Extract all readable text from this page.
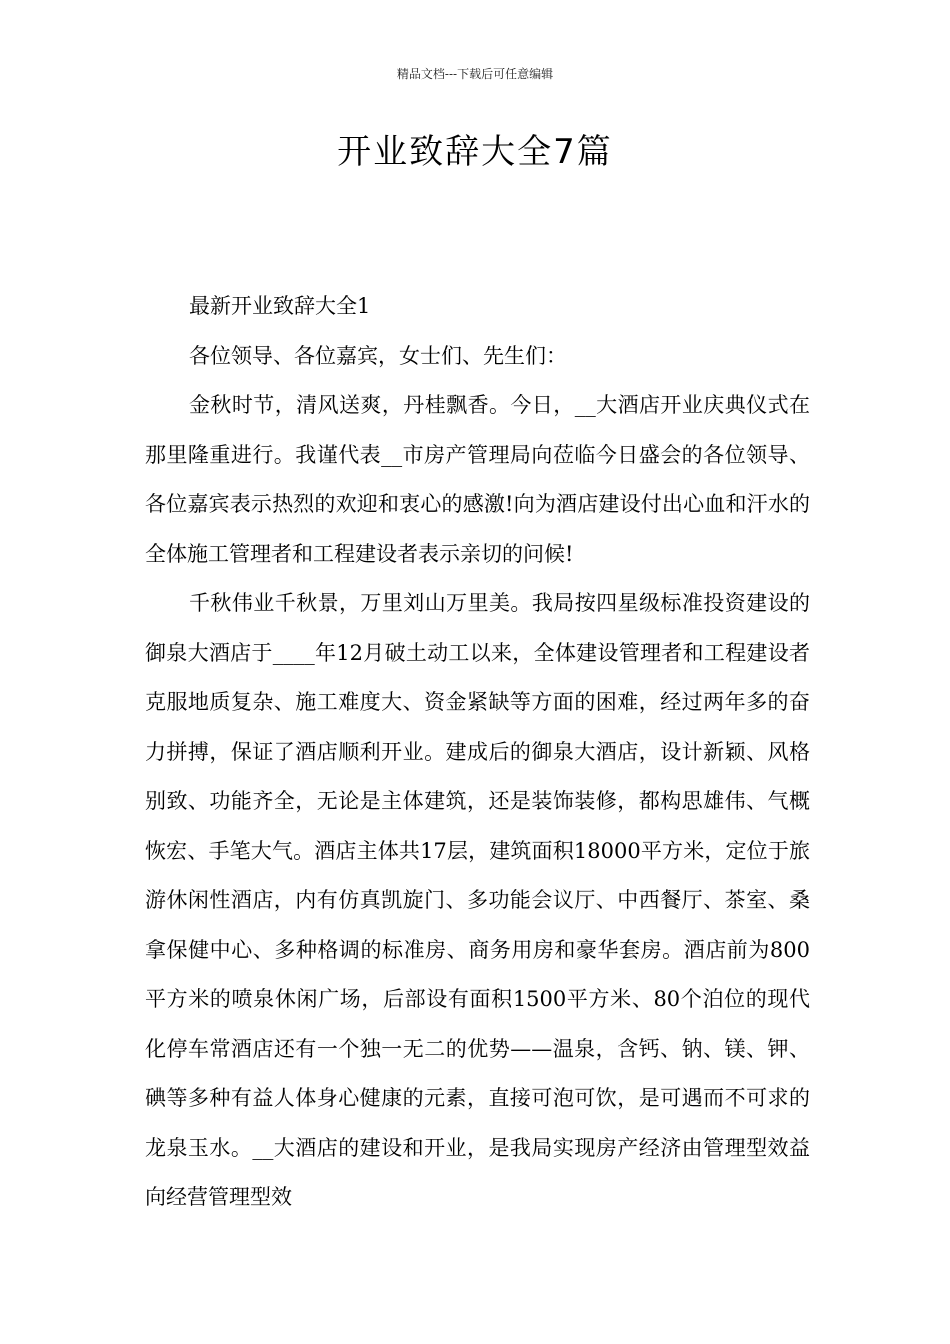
精品文档---下载后可任意编辑
开业致辞大全7篇

最新开业致辞大全1

各位领导、各位嘉宾，女士们、先生们：

金秋时节，清风送爽，丹桂飘香。今日，__大酒店开业庆典仪式在那里隆重进行。我谨代表__市房产管理局向莅临今日盛会的各位领导、各位嘉宾表示热烈的欢迎和衷心的感激!向为酒店建设付出心血和汗水的全体施工管理者和工程建设者表示亲切的问候!

千秋伟业千秋景，万里刘山万里美。我局按四星级标准投资建设的御泉大酒店于____年12月破土动工以来，全体建设管理者和工程建设者克服地质复杂、施工难度大、资金紧缺等方面的困难，经过两年多的奋力拼搏，保证了酒店顺利开业。建成后的御泉大酒店，设计新颖、风格别致、功能齐全，无论是主体建筑，还是装饰装修，都构思雄伟、气概恢宏、手笔大气。酒店主体共17层，建筑面积18000平方米，定位于旅游休闲性酒店，内有仿真凯旋门、多功能会议厅、中西餐厅、茶室、桑拿保健中心、多种格调的标准房、商务用房和豪华套房。酒店前为800平方米的喷泉休闲广场，后部设有面积1500平方米、80个泊位的现代化停车常酒店还有一个独一无二的优势——温泉，含钙、钠、镁、钾、碘等多种有益人体身心健康的元素，直接可泡可饮，是可遇而不可求的龙泉玉水。__大酒店的建设和开业，是我局实现房产经济由管理型效益向经营管理型效
